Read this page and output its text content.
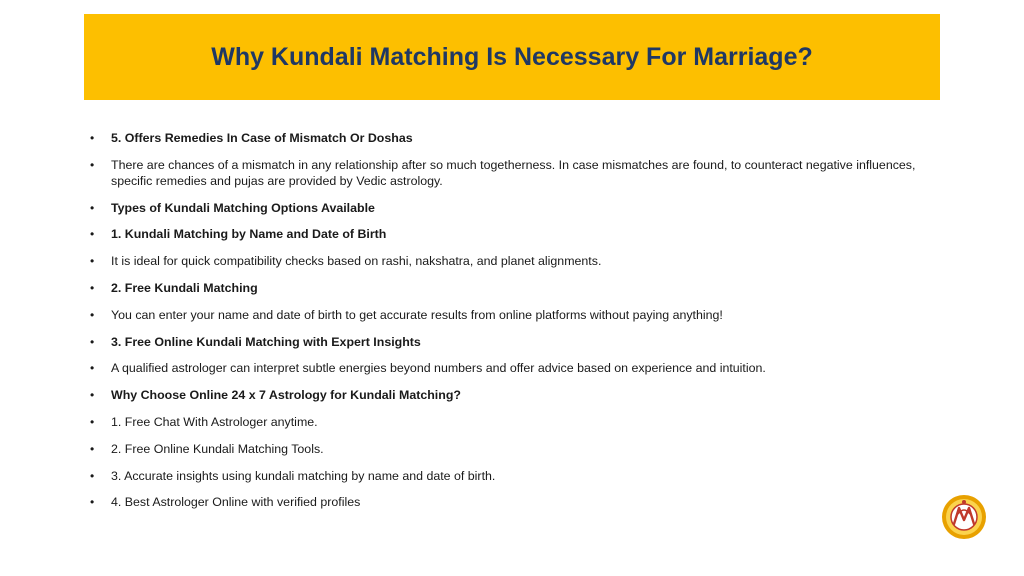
Why Kundali Matching Is Necessary For Marriage?
• 5. Offers Remedies In Case of Mismatch Or Doshas
• There are chances of a mismatch in any relationship after so much togetherness. In case mismatches are found, to counteract negative influences, specific remedies and pujas are provided by Vedic astrology.
• Types of Kundali Matching Options Available
• 1. Kundali Matching by Name and Date of Birth
• It is ideal for quick compatibility checks based on rashi, nakshatra, and planet alignments.
• 2. Free Kundali Matching
• You can enter your name and date of birth to get accurate results from online platforms without paying anything!
• 3. Free Online Kundali Matching with Expert Insights
• A qualified astrologer can interpret subtle energies beyond numbers and offer advice based on experience and intuition.
• Why Choose Online 24 x 7 Astrology for Kundali Matching?
• 1. Free Chat With Astrologer anytime.
• 2. Free Online Kundali Matching Tools.
• 3. Accurate insights using kundali matching by name and date of birth.
• 4. Best Astrologer Online with verified profiles
